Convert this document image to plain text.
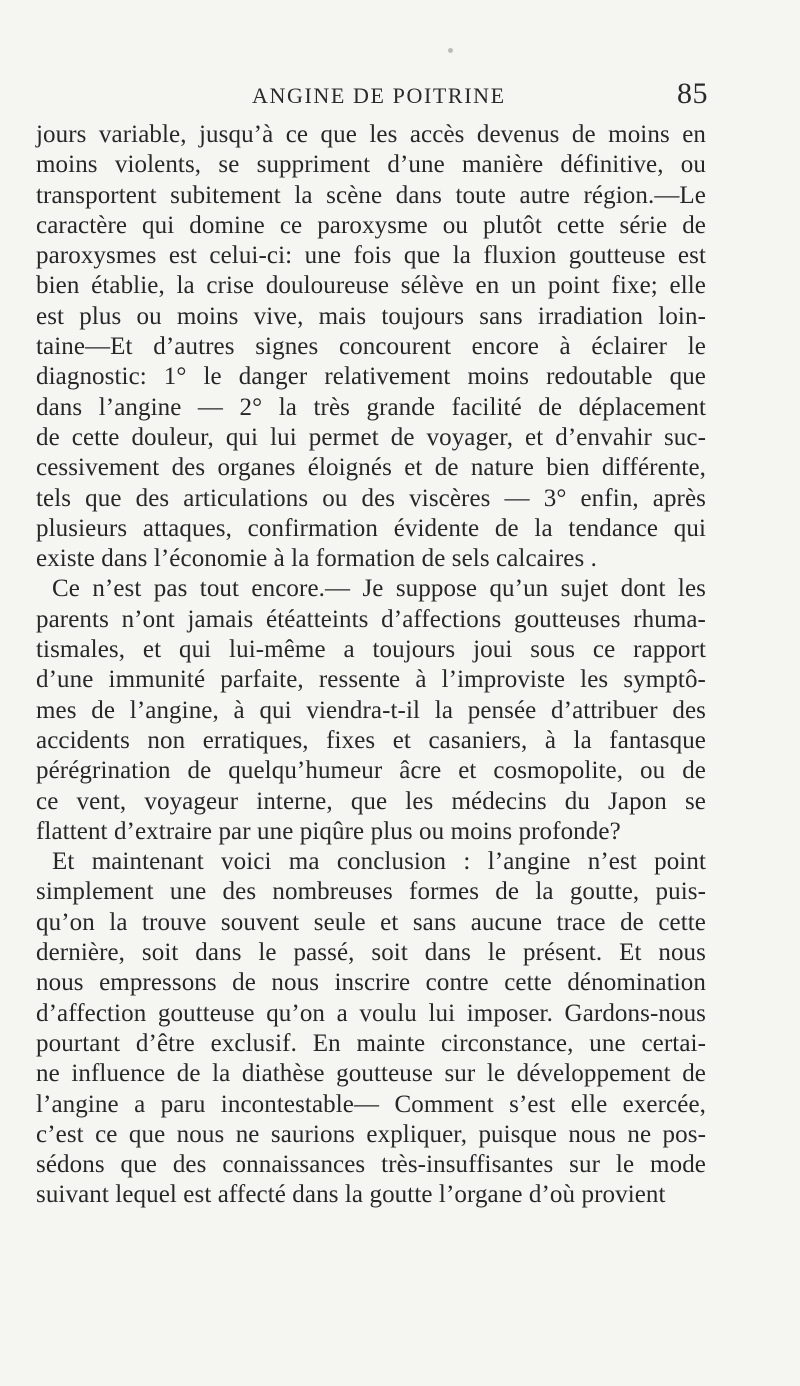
ANGINE DE POITRINE	85
jours variable, jusqu’à ce que les accès devenus de moins en
moins violents, se suppriment d’une manière définitive, ou
transportent subitement la scène dans toute autre région.—Le
caractère qui domine ce paroxysme ou plutôt cette série de
paroxysmes est celui-ci: une fois que la fluxion goutteuse est
bien établie, la crise douloureuse sélève en un point fixe; elle
est plus ou moins vive, mais toujours sans irradiation loin-
taine—Et d’autres signes concourent encore à éclairer le
diagnostic: 1° le danger relativement moins redoutable que
dans l’angine — 2° la très grande facilité de déplacement
de cette douleur, qui lui permet de voyager, et d’envahir suc-
cessivement des organes éloignés et de nature bien différente,
tels que des articulations ou des viscères — 3° enfin, après
plusieurs attaques, confirmation évidente de la tendance qui
existe dans l’économie à la formation de sels calcaires .
Ce n’est pas tout encore.— Je suppose qu’un sujet dont les
parents n’ont jamais étéatteints d’affections goutteuses rhuma-
tismales, et qui lui-même a toujours joui sous ce rapport
d’une immunité parfaite, ressente à l’improviste les symptô-
mes de l’angine, à qui viendra-t-il la pensée d’attribuer des
accidents non erratiques, fixes et casaniers, à la fantasque
pérégrination de quelqu’humeur âcre et cosmopolite, ou de
ce vent, voyageur interne, que les médecins du Japon se
flattent d’extraire par une piqûre plus ou moins profonde?
Et maintenant voici ma conclusion : l’angine n’est point
simplement une des nombreuses formes de la goutte, puis-
qu’on la trouve souvent seule et sans aucune trace de cette
dernière, soit dans le passé, soit dans le présent. Et nous
nous empressons de nous inscrire contre cette dénomination
d’affection goutteuse qu’on a voulu lui imposer. Gardons-nous
pourtant d’être exclusif. En mainte circonstance, une certai-
ne influence de la diathèse goutteuse sur le développement de
l’angine a paru incontestable— Comment s’est elle exercée,
c’est ce que nous ne saurions expliquer, puisque nous ne pos-
sédons que des connaissances très-insuffisantes sur le mode
suivant lequel est affecté dans la goutte l’organe d’où provient
